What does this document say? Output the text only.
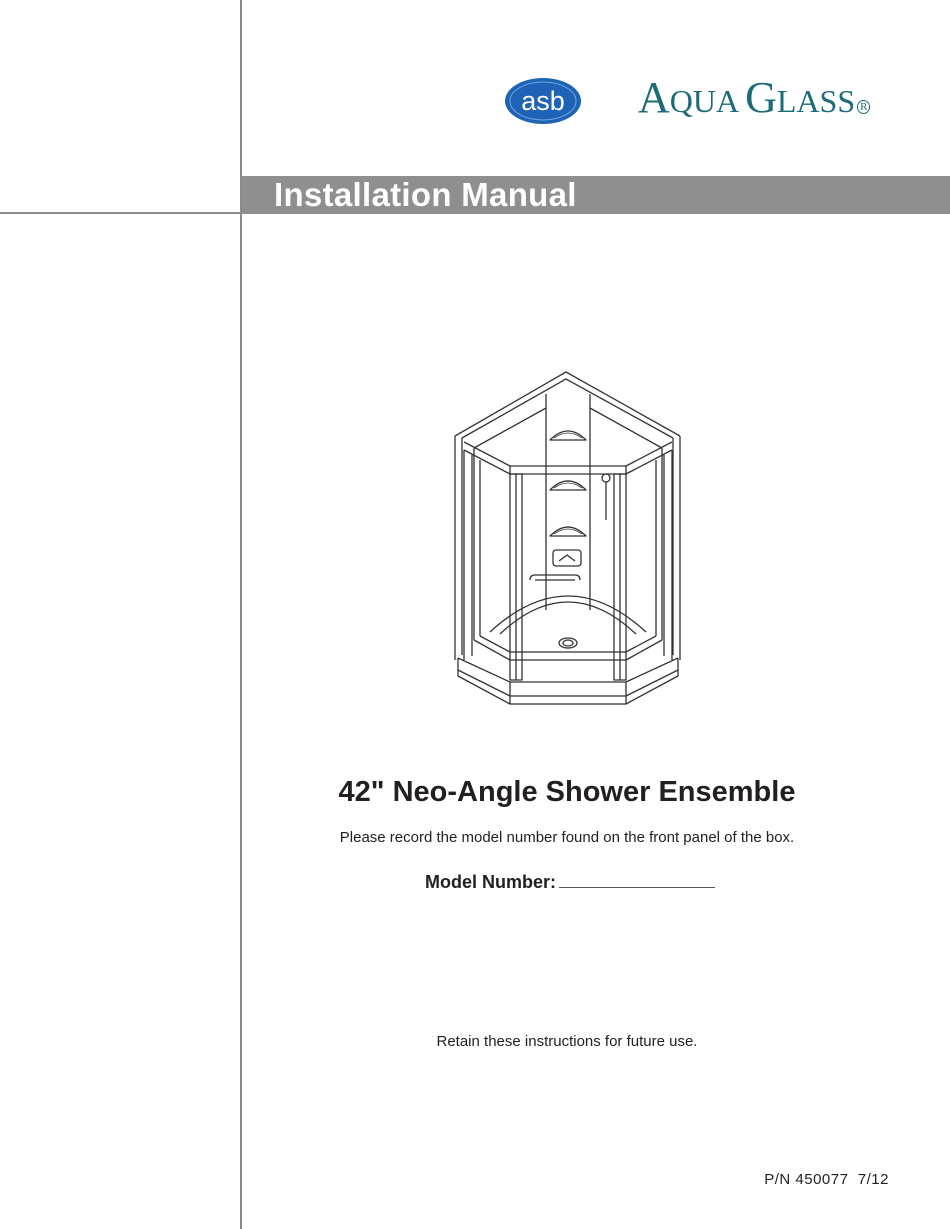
asb AQUA GLASS R
Installation Manual
42" Neo-Angle Shower Ensemble
Please record the model number found on the front panel of the box.
Model Number:
Retain these instructions for future use.
P/N 450077  7/12
